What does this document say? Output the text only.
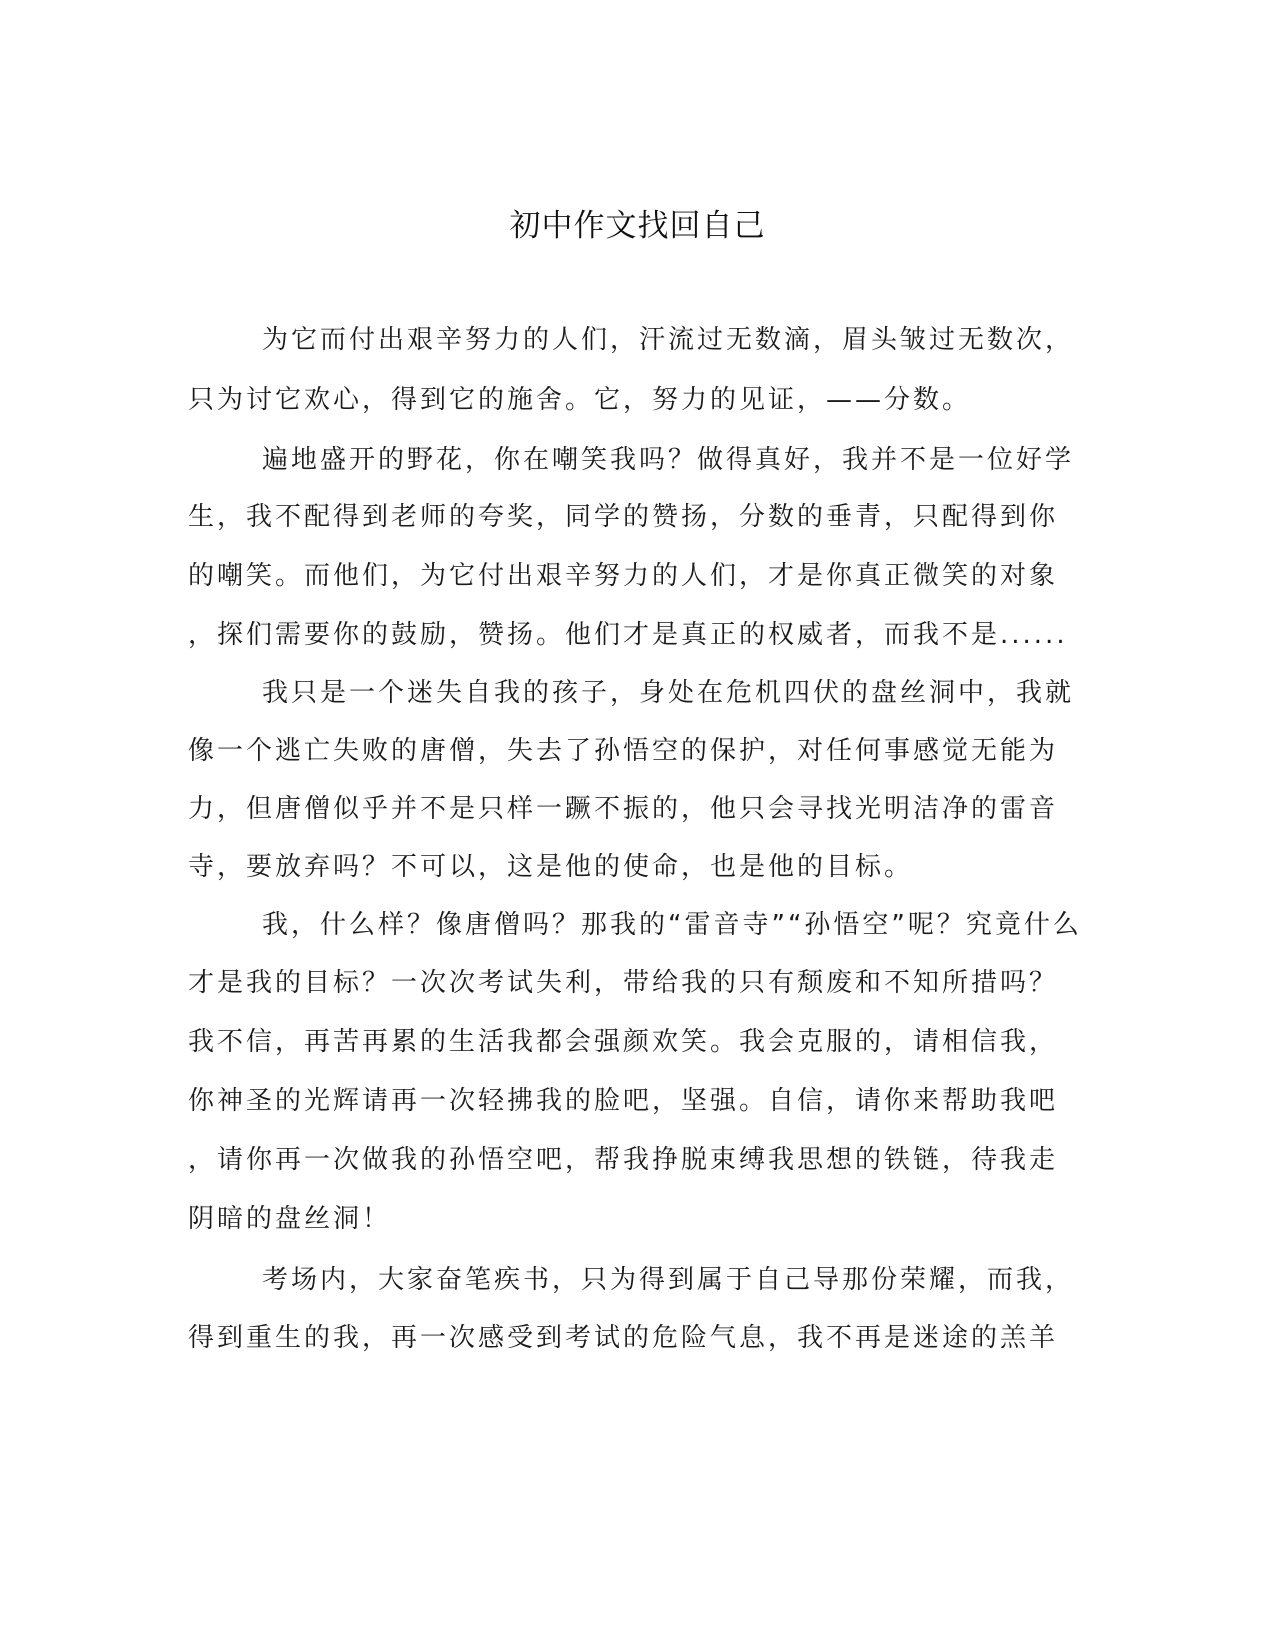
初中作文找回自己
为它而付出艰辛努力的人们，汗流过无数滴，眉头皱过无数次，
只为讨它欢心，得到它的施舍。它，努力的见证，——分数。
遍地盛开的野花，你在嘲笑我吗？做得真好，我并不是一位好学
生，我不配得到老师的夸奖，同学的赞扬，分数的垂青，只配得到你
的嘲笑。而他们，为它付出艰辛努力的人们，才是你真正微笑的对象
，探们需要你的鼓励，赞扬。他们才是真正的权威者，而我不是......
我只是一个迷失自我的孩子，身处在危机四伏的盘丝洞中，我就
像一个逃亡失败的唐僧，失去了孙悟空的保护，对任何事感觉无能为
力，但唐僧似乎并不是只样一蹶不振的，他只会寻找光明洁净的雷音
寺，要放弃吗？不可以，这是他的使命，也是他的目标。
我，什么样？像唐僧吗？那我的“雷音寺”“孙悟空”呢？究竟什么
才是我的目标？一次次考试失利，带给我的只有颓废和不知所措吗？
我不信，再苦再累的生活我都会强颜欢笑。我会克服的，请相信我，
你神圣的光辉请再一次轻拂我的脸吧，坚强。自信，请你来帮助我吧
，请你再一次做我的孙悟空吧，帮我挣脱束缚我思想的铁链，待我走
阴暗的盘丝洞！
考场内，大家奋笔疾书，只为得到属于自己导那份荣耀，而我，
得到重生的我，再一次感受到考试的危险气息，我不再是迷途的羔羊
